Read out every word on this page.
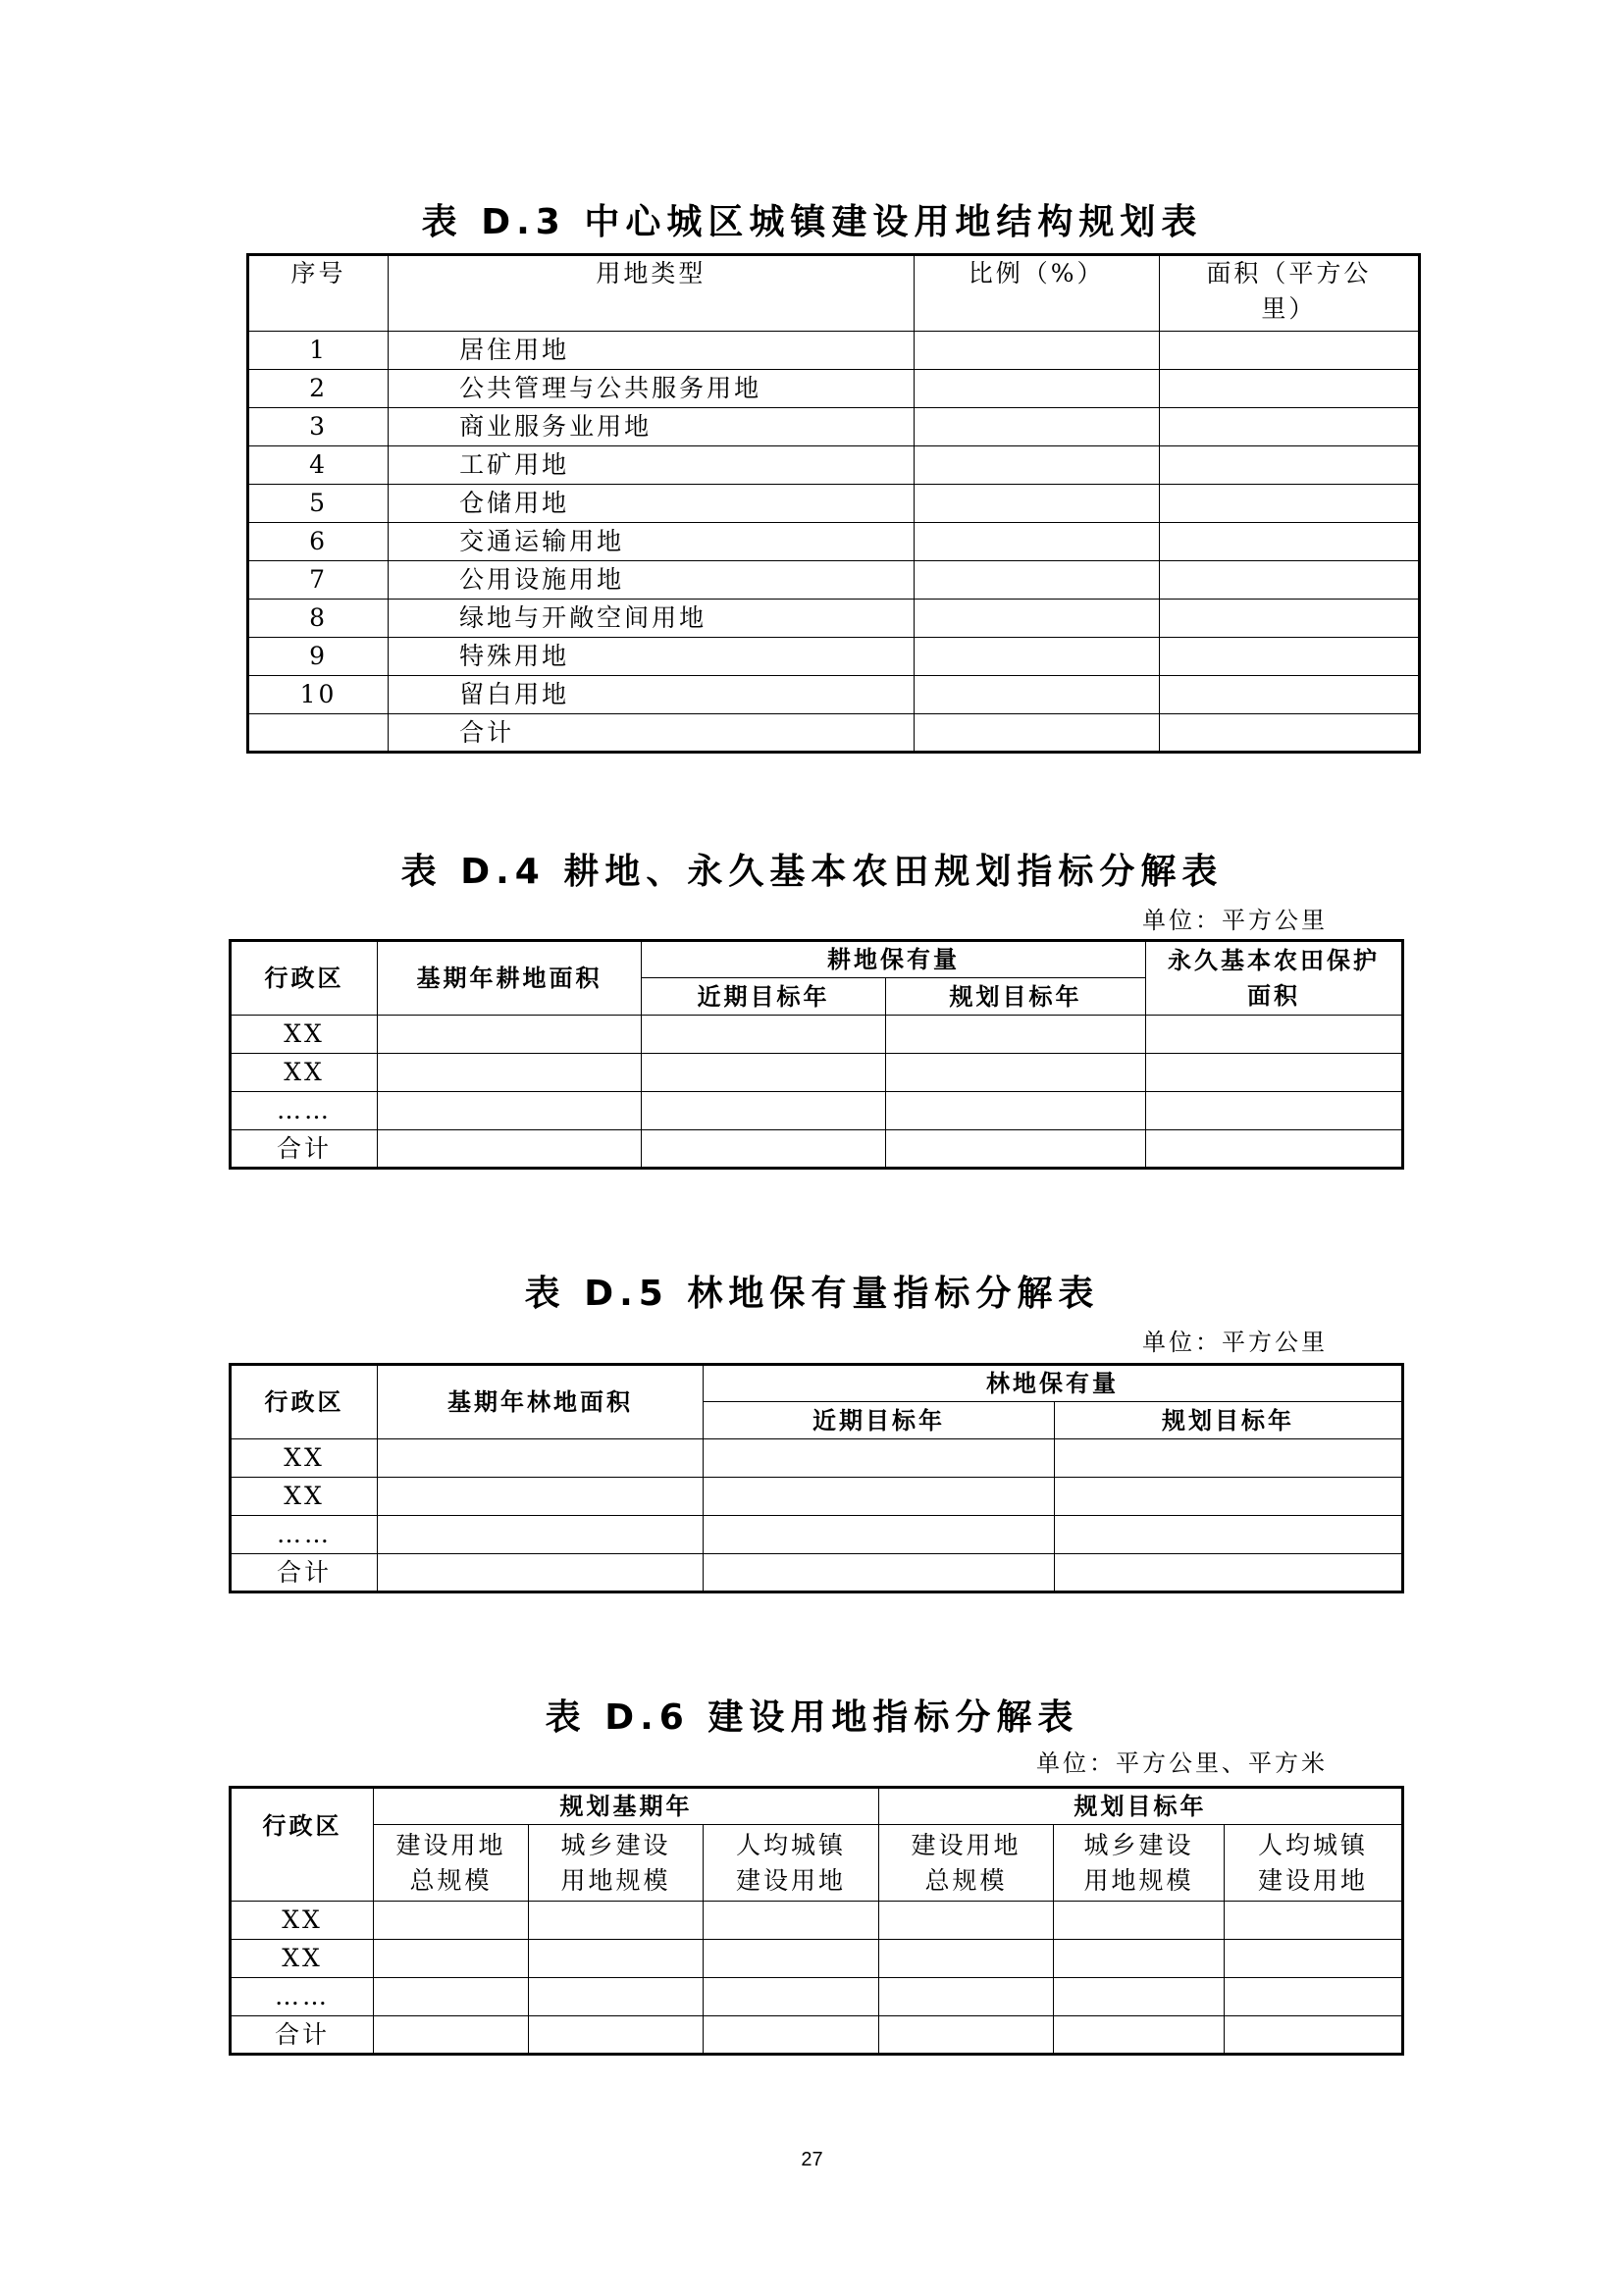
表 D.3 中心城区城镇建设用地结构规划表
序号	用地类型	比例（%）	面积（平方公里）
1	居住用地		
2	公共管理与公共服务用地		
3	商业服务业用地		
4	工矿用地		
5	仓储用地		
6	交通运输用地		
7	公用设施用地		
8	绿地与开敞空间用地		
9	特殊用地		
10	留白用地		
	合计		
表 D.4 耕地、永久基本农田规划指标分解表
单位：平方公里
行政区	基期年耕地面积	耕地保有量		永久基本农田保护面积
		近期目标年	规划目标年	
XX				
XX				
……				
合计				
表 D.5 林地保有量指标分解表
单位：平方公里
行政区	基期年林地面积	林地保有量	
		近期目标年	规划目标年
XX			
XX			
……			
合计			
表 D.6 建设用地指标分解表
单位：平方公里、平方米
行政区	规划基期年			规划目标年		
	建设用地总规模	城乡建设用地规模	人均城镇建设用地	建设用地总规模	城乡建设用地规模	人均城镇建设用地
XX						
XX						
……						
合计						
27
